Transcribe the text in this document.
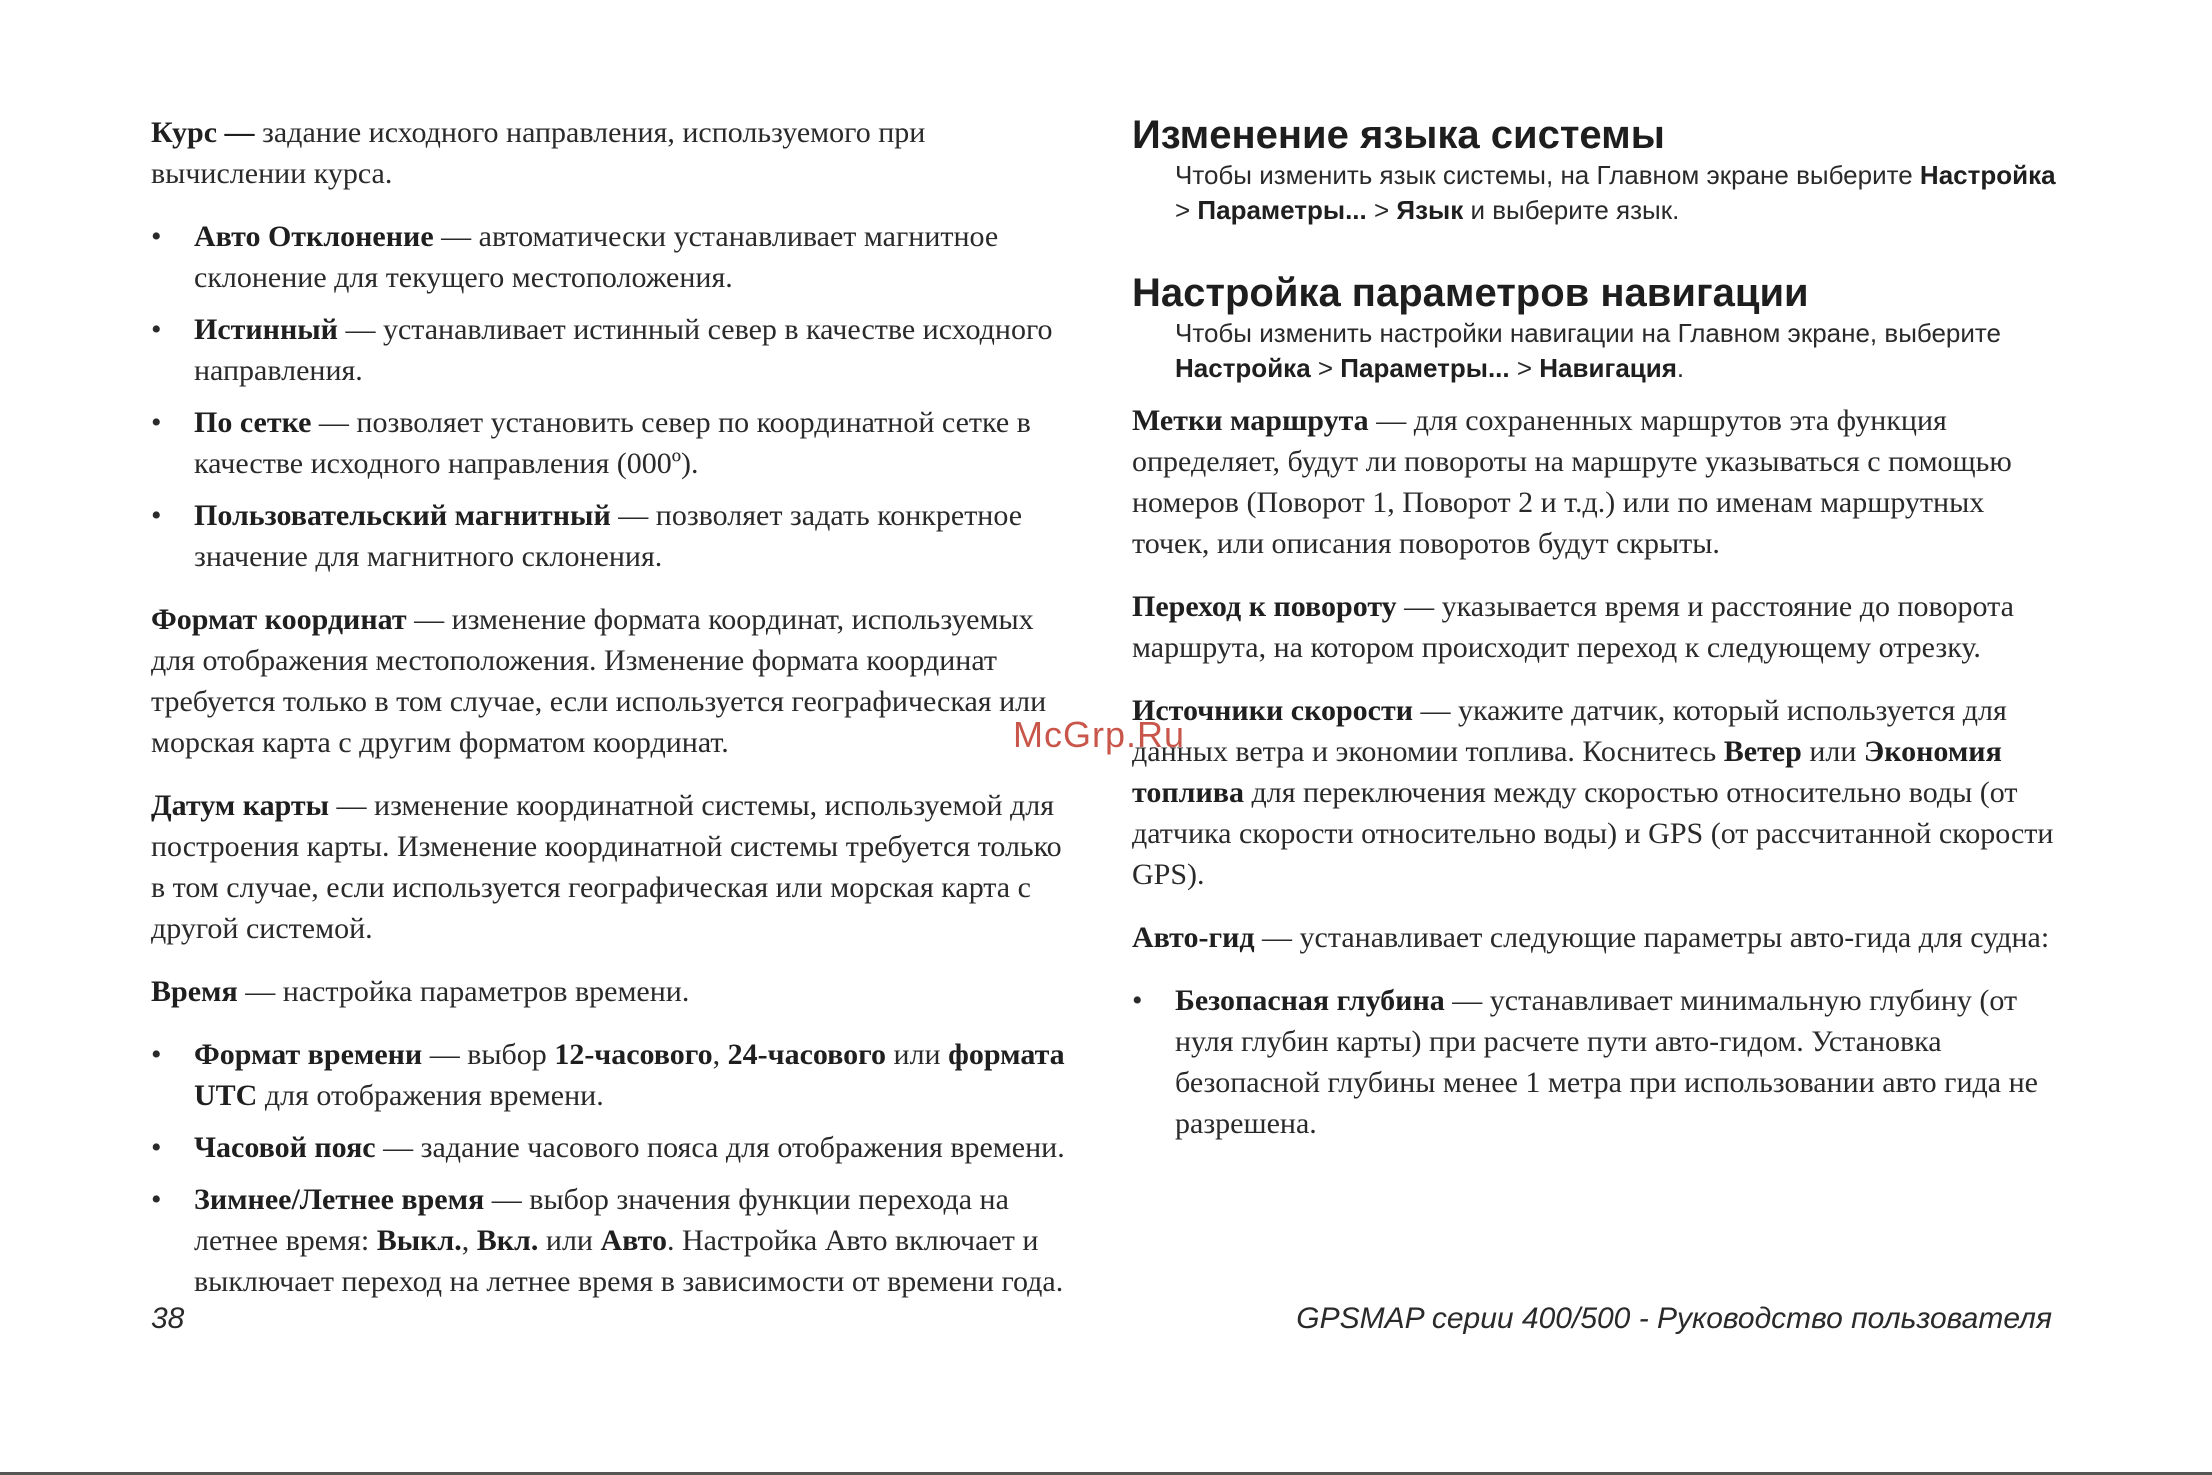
Курс — задание исходного направления, используемого при вычислении курса.

• Авто Отклонение — автоматически устанавливает магнитное склонение для текущего местоположения.
• Истинный — устанавливает истинный север в качестве исходного направления.
• По сетке — позволяет установить север по координатной сетке в качестве исходного направления (000º).
• Пользовательский магнитный — позволяет задать конкретное значение для магнитного склонения.

Формат координат — изменение формата координат, используемых для отображения местоположения. Изменение формата координат требуется только в том случае, если используется географическая или морская карта с другим форматом координат.

Датум карты — изменение координатной системы, используемой для построения карты. Изменение координатной системы требуется только в том случае, если используется географическая или морская карта с другой системой.

Время — настройка параметров времени.

• Формат времени — выбор 12-часового, 24-часового или формата UTC для отображения времени.
• Часовой пояс — задание часового пояса для отображения времени.
• Зимнее/Летнее время — выбор значения функции перехода на летнее время: Выкл., Вкл. или Авто. Настройка Авто включает и выключает переход на летнее время в зависимости от времени года.
Изменение языка системы

Чтобы изменить язык системы, на Главном экране выберите Настройка > Параметры... > Язык и выберите язык.

Настройка параметров навигации

Чтобы изменить настройки навигации на Главном экране, выберите Настройка > Параметры... > Навигация.

Метки маршрута — для сохраненных маршрутов эта функция определяет, будут ли повороты на маршруте указываться с помощью номеров (Поворот 1, Поворот 2 и т.д.) или по именам маршрутных точек, или описания поворотов будут скрыты.

Переход к повороту — указывается время и расстояние до поворота маршрута, на котором происходит переход к следующему отрезку.

Источники скорости — укажите датчик, который используется для данных ветра и экономии топлива. Коснитесь Ветер или Экономия топлива для переключения между скоростью относительно воды (от датчика скорости относительно воды) и GPS (от рассчитанной скорости GPS).

Авто-гид — устанавливает следующие параметры авто-гида для судна:

• Безопасная глубина — устанавливает минимальную глубину (от нуля глубин карты) при расчете пути авто-гидом. Установка безопасной глубины менее 1 метра при использовании авто гида не разрешена.
McGrp.Ru
38	GPSMAP серии 400/500 - Руководство пользователя
